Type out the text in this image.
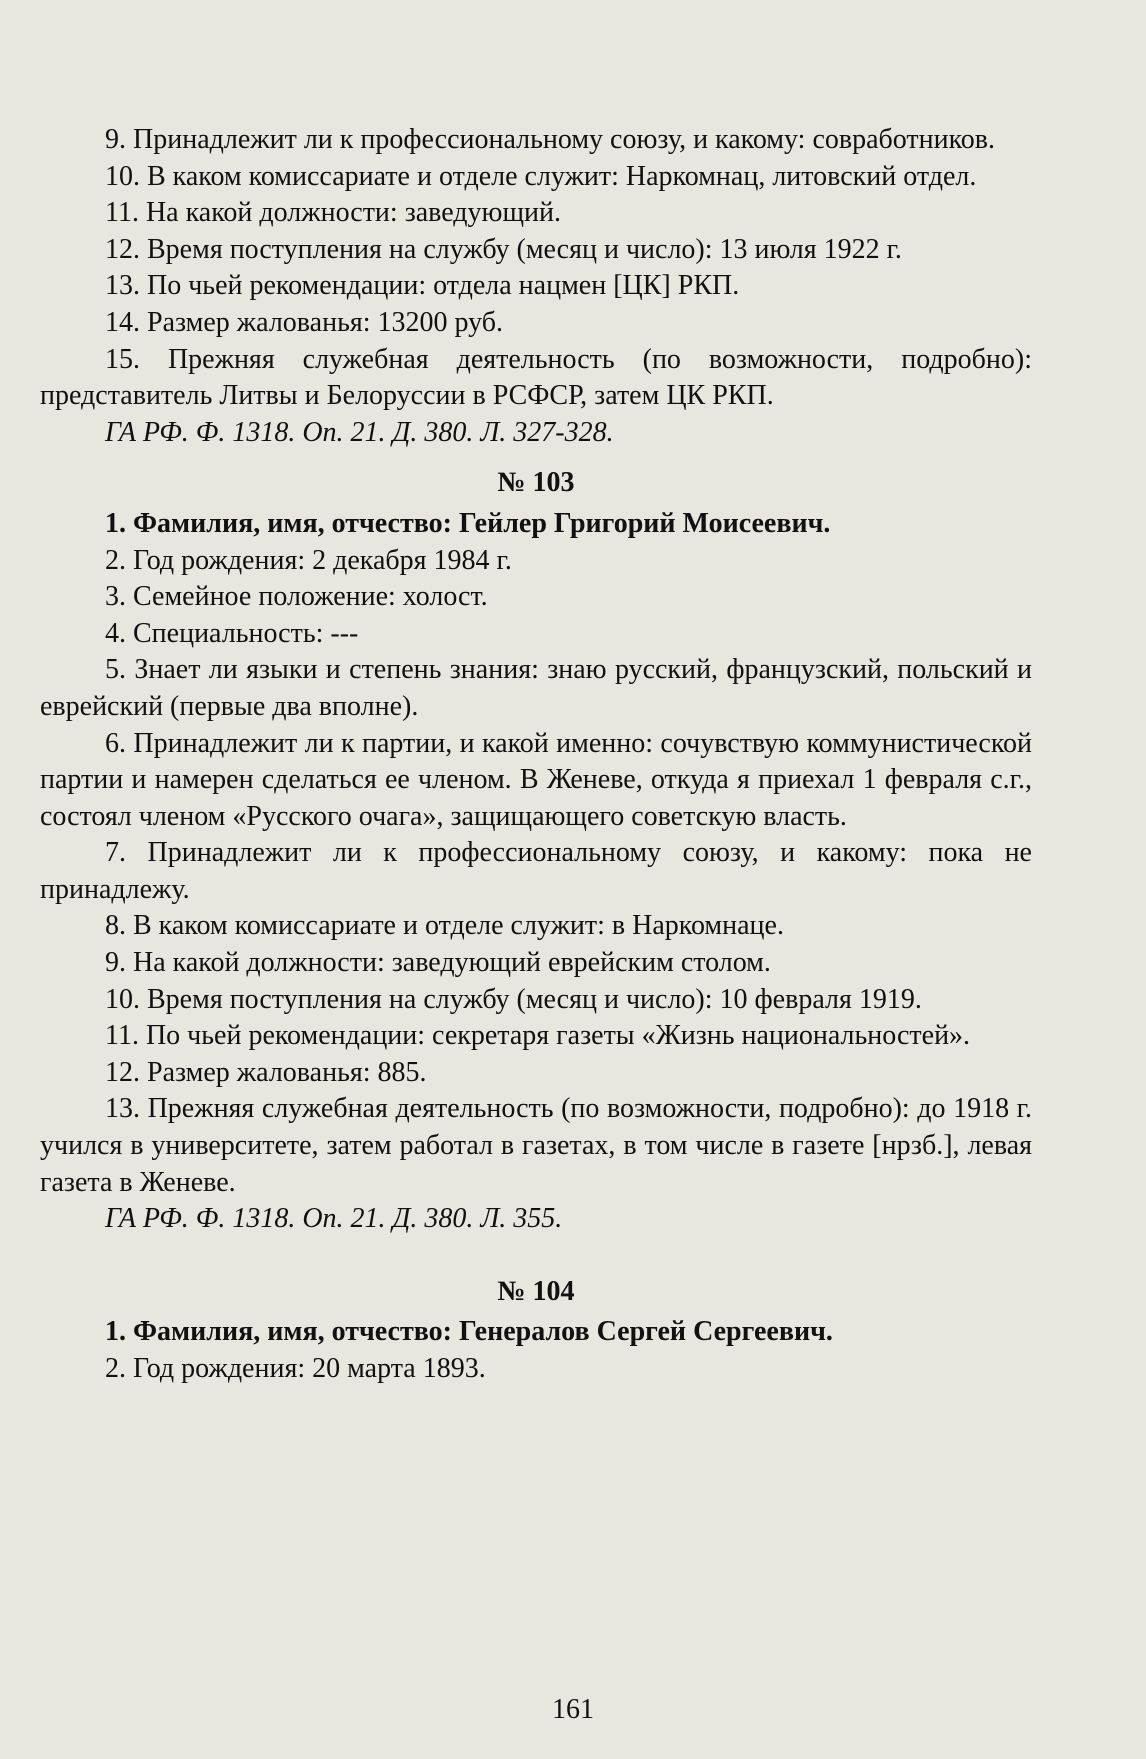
9. Принадлежит ли к профессиональному союзу, и какому: совработников.

10. В каком комиссариате и отделе служит: Наркомнац, литовский отдел.

11. На какой должности: заведующий.

12. Время поступления на службу (месяц и число): 13 июля 1922 г.

13. По чьей рекомендации: отдела нацмен [ЦК] РКП.

14. Размер жалованья: 13200 руб.

15. Прежняя служебная деятельность (по возможности, подробно): представитель Литвы и Белоруссии в РСФСР, затем ЦК РКП.

ГА РФ. Ф. 1318. Оп. 21. Д. 380. Л. 327-328.

№ 103

1. Фамилия, имя, отчество: Гейлер Григорий Моисеевич.

2. Год рождения: 2 декабря 1984 г.

3. Семейное положение: холост.

4. Специальность: ---

5. Знает ли языки и степень знания: знаю русский, французский, польский и еврейский (первые два вполне).

6. Принадлежит ли к партии, и какой именно: сочувствую коммунистической партии и намерен сделаться ее членом. В Женеве, откуда я приехал 1 февраля с.г., состоял членом «Русского очага», защищающего советскую власть.

7. Принадлежит ли к профессиональному союзу, и какому: пока не принадлежу.

8. В каком комиссариате и отделе служит: в Наркомнаце.

9. На какой должности: заведующий еврейским столом.

10. Время поступления на службу (месяц и число): 10 февраля 1919.

11. По чьей рекомендации: секретаря газеты «Жизнь национальностей».

12. Размер жалованья: 885.

13. Прежняя служебная деятельность (по возможности, подробно): до 1918 г. учился в университете, затем работал в газетах, в том числе в газете [нрзб.], левая газета в Женеве.

ГА РФ. Ф. 1318. Оп. 21. Д. 380. Л. 355.

№ 104

1. Фамилия, имя, отчество: Генералов Сергей Сергеевич.

2. Год рождения: 20 марта 1893.

161
